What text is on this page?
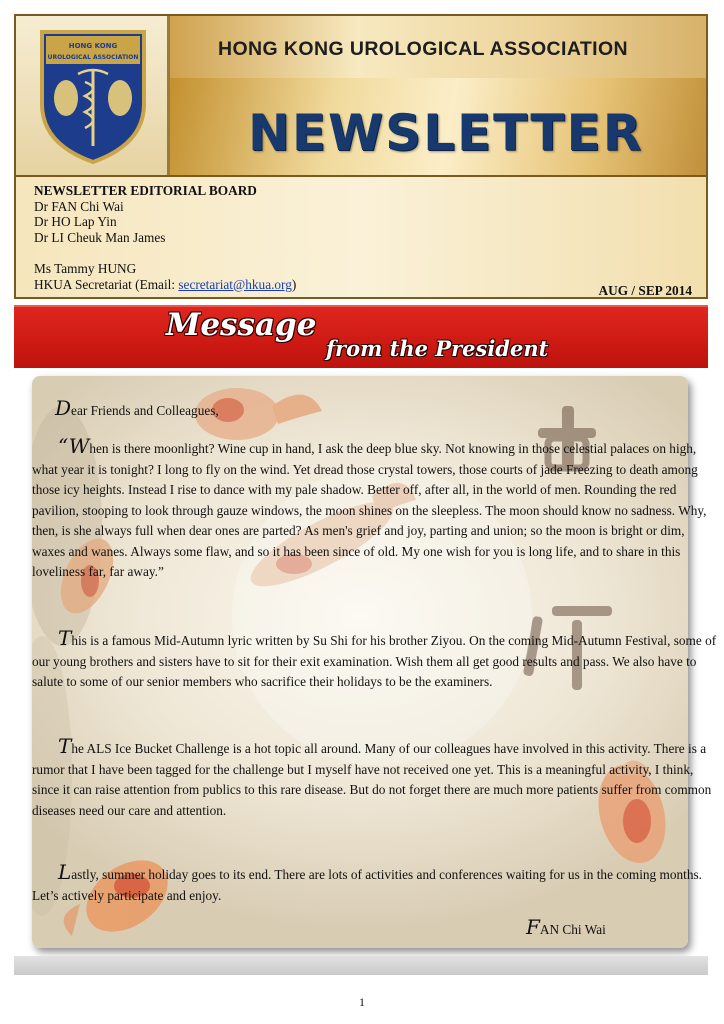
HONG KONG
UROLOGICAL ASSOCIATION	HONG KONG UROLOGICAL ASSOCIATION
NEWSLETTER
NEWSLETTER EDITORIAL BOARD
Dr FAN Chi Wai
Dr HO Lap Yin
Dr LI Cheuk Man James
Ms Tammy HUNG
HKUA Secretariat (Email: secretariat@hkua.org)	AUG / SEP 2014
Message
from the President
Dear Friends and Colleagues,
“When is there moonlight? Wine cup in hand, I ask the deep blue sky. Not knowing in those celestial palaces on high, what year it is tonight? I long to fly on the wind. Yet dread those crystal towers, those courts of jade Freezing to death among those icy heights. Instead I rise to dance with my pale shadow. Better off, after all, in the world of men. Rounding the red pavilion, stooping to look through gauze windows, the moon shines on the sleepless. The moon should know no sadness. Why, then, is she always full when dear ones are parted? As men's grief and joy, parting and union; so the moon is bright or dim, waxes and wanes. Always some flaw, and so it has been since of old. My one wish for you is long life, and to share in this loveliness far, far away.”
This is a famous Mid-Autumn lyric written by Su Shi for his brother Ziyou. On the coming Mid-Autumn Festival, some of our young brothers and sisters have to sit for their exit examination. Wish them all get good results and pass. We also have to salute to some of our senior members who sacrifice their holidays to be the examiners.
The ALS Ice Bucket Challenge is a hot topic all around. Many of our colleagues have involved in this activity. There is a rumor that I have been tagged for the challenge but I myself have not received one yet. This is a meaningful activity, I think, since it can raise attention from publics to this rare disease. But do not forget there are much more patients suffer from common diseases need our care and attention.
Lastly, summer holiday goes to its end. There are lots of activities and conferences waiting for us in the coming months. Let’s actively participate and enjoy.
FAN Chi Wai
1
